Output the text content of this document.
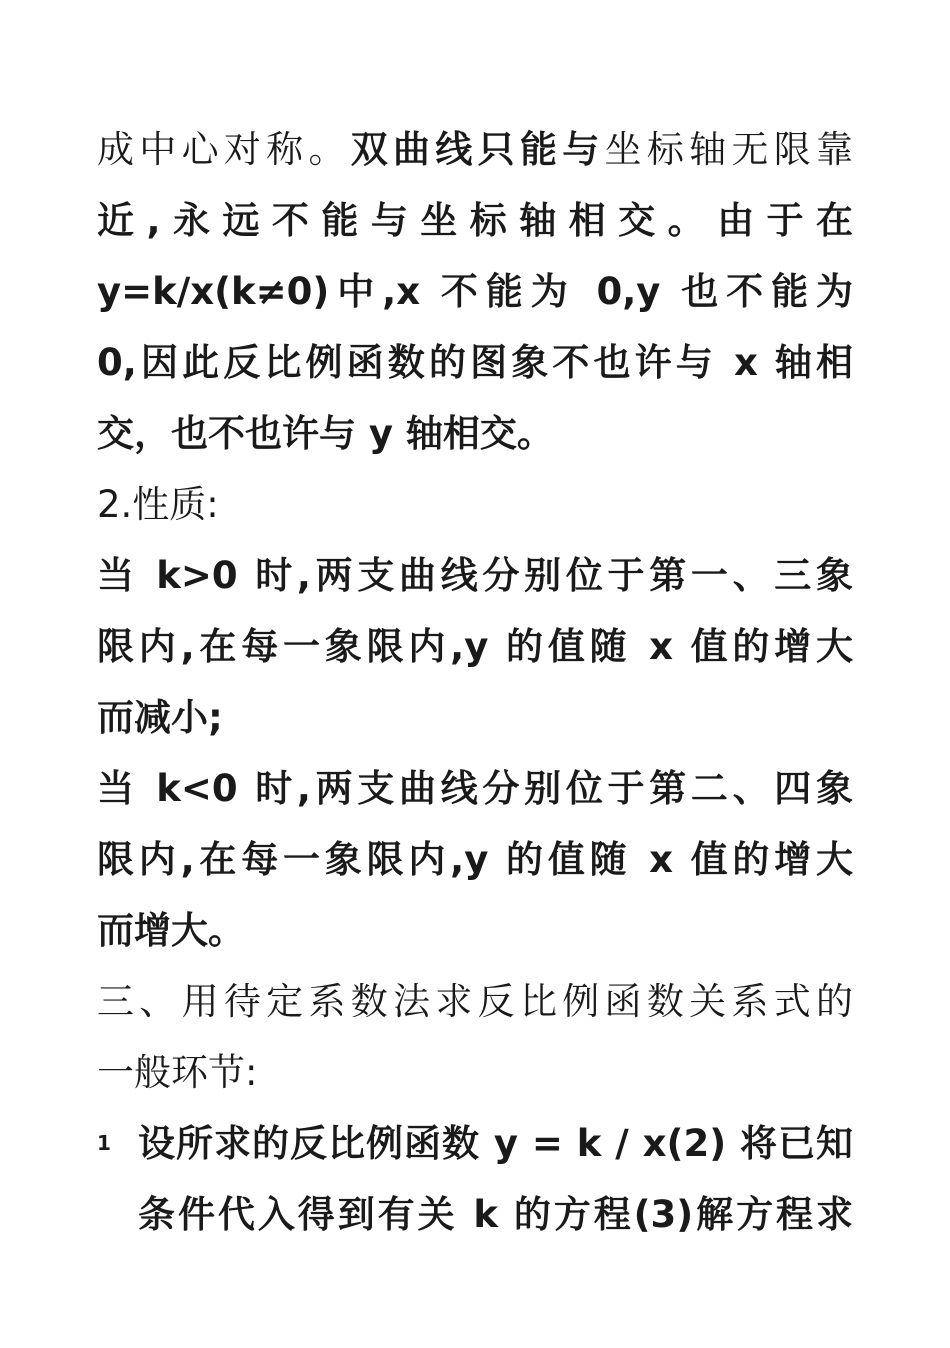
成中心对称。双曲线只能与坐标轴无限靠
近,永远不能与坐标轴相交。由于在
y=k/x(k≠0)中,x 不能为 0,y 也不能为
0,因此反比例函数的图象不也许与 x 轴相
交，也不也许与 y 轴相交。
2.性质:
当 k>0 时,两支曲线分别位于第一、三象
限内,在每一象限内,y 的值随 x 值的增大
而减小;
当 k<0 时,两支曲线分别位于第二、四象
限内,在每一象限内,y 的值随 x 值的增大
而增大。
三、用待定系数法求反比例函数关系式的
一般环节:
1 设所求的反比例函数 y = k / x(2) 将已知
条件代入得到有关 k 的方程(3)解方程求
